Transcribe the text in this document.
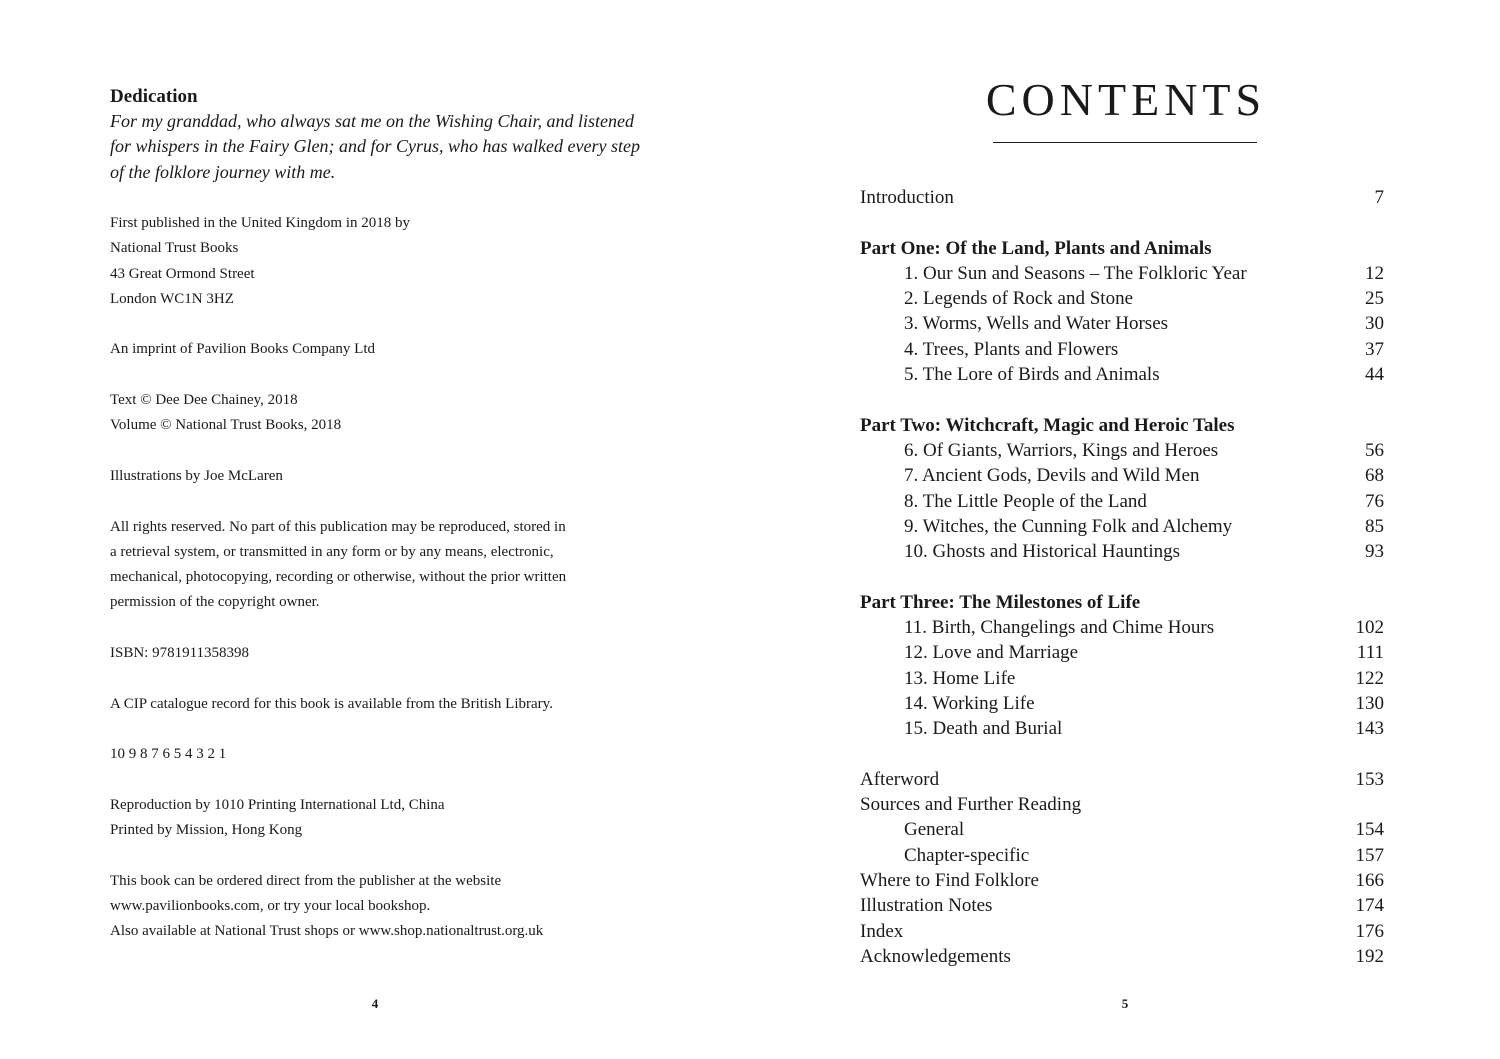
Dedication
For my granddad, who always sat me on the Wishing Chair, and listened for whispers in the Fairy Glen; and for Cyrus, who has walked every step of the folklore journey with me.
First published in the United Kingdom in 2018 by
National Trust Books
43 Great Ormond Street
London WC1N 3HZ
An imprint of Pavilion Books Company Ltd
Text © Dee Dee Chainey, 2018
Volume © National Trust Books, 2018
Illustrations by Joe McLaren
All rights reserved. No part of this publication may be reproduced, stored in
a retrieval system, or transmitted in any form or by any means, electronic,
mechanical, photocopying, recording or otherwise, without the prior written
permission of the copyright owner.
ISBN: 9781911358398
A CIP catalogue record for this book is available from the British Library.
10 9 8 7 6 5 4 3 2 1
Reproduction by 1010 Printing International Ltd, China
Printed by Mission, Hong Kong
This book can be ordered direct from the publisher at the website
www.pavilionbooks.com, or try your local bookshop.
Also available at National Trust shops or www.shop.nationaltrust.org.uk
4
CONTENTS
Introduction	7
Part One: Of the Land, Plants and Animals
1. Our Sun and Seasons – The Folkloric Year	12
2. Legends of Rock and Stone	25
3. Worms, Wells and Water Horses	30
4. Trees, Plants and Flowers	37
5. The Lore of Birds and Animals	44
Part Two: Witchcraft, Magic and Heroic Tales
6. Of Giants, Warriors, Kings and Heroes	56
7. Ancient Gods, Devils and Wild Men	68
8. The Little People of the Land	76
9. Witches, the Cunning Folk and Alchemy	85
10. Ghosts and Historical Hauntings	93
Part Three: The Milestones of Life
11. Birth, Changelings and Chime Hours	102
12. Love and Marriage	111
13. Home Life	122
14. Working Life	130
15. Death and Burial	143
Afterword	153
Sources and Further Reading
General	154
Chapter-specific	157
Where to Find Folklore	166
Illustration Notes	174
Index	176
Acknowledgements	192
5
